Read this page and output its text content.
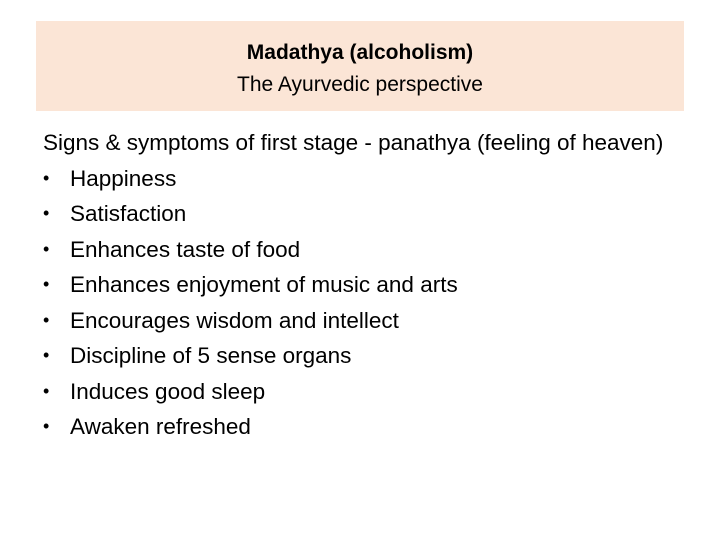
Madathya (alcoholism)
The Ayurvedic perspective

Signs & symptoms of first stage - panathya (feeling of heaven)

• Happiness
• Satisfaction
• Enhances taste of food
• Enhances enjoyment of music and arts
• Encourages wisdom and intellect
• Discipline of 5 sense organs
• Induces good sleep
• Awaken refreshed
